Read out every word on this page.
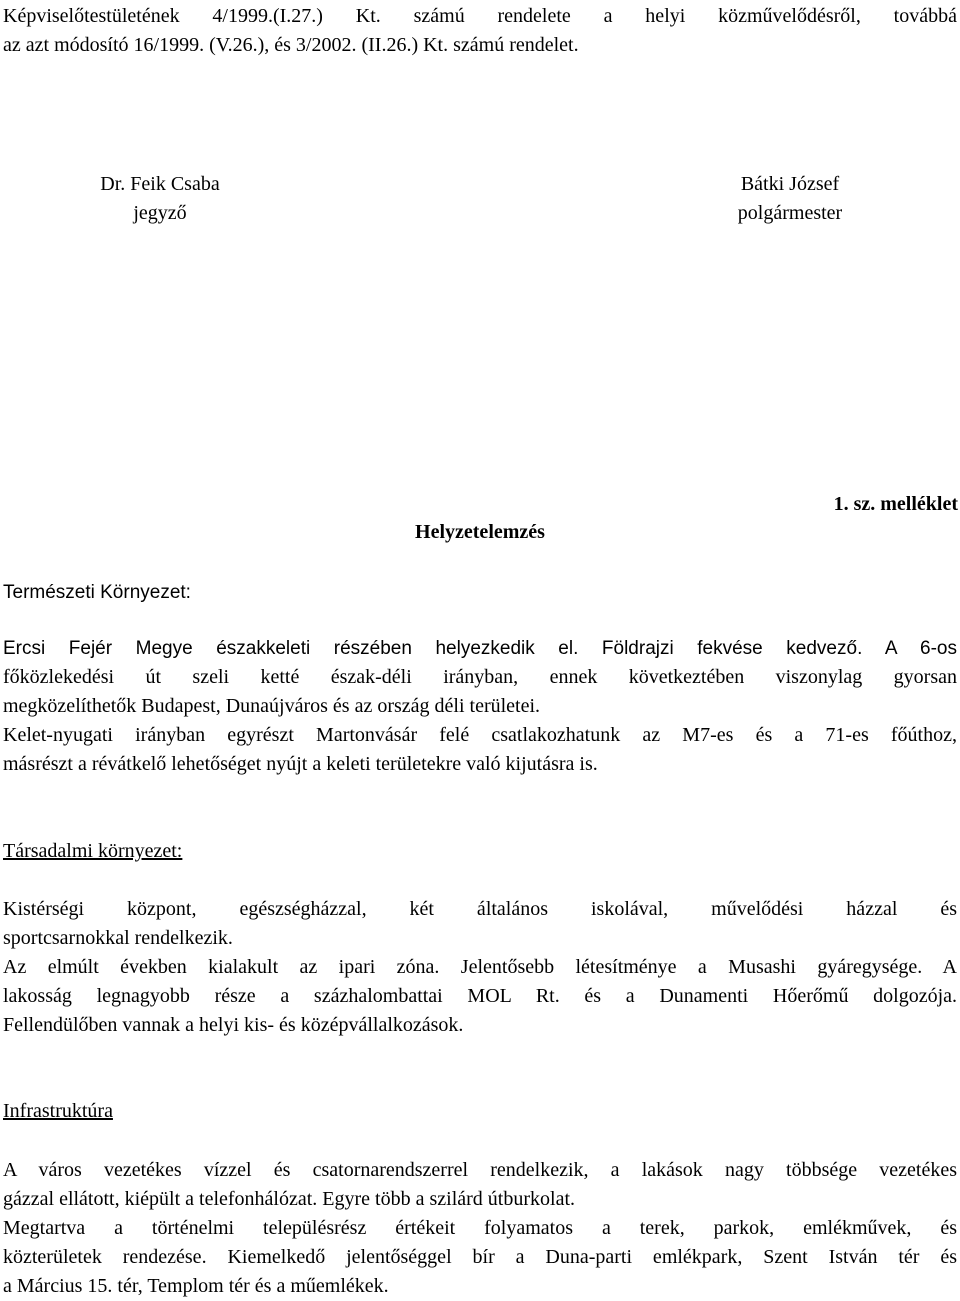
Képviselőtestületének 4/1999.(I.27.) Kt. számú rendelete a helyi közművelődésről, továbbá
az azt módosító 16/1999. (V.26.), és 3/2002. (II.26.) Kt. számú rendelet.
Dr. Feik Csaba
jegyző
Bátki József
polgármester
1. sz. melléklet
Helyzetelemzés
Természeti Környezet:
Ercsi Fejér Megye északkeleti részében helyezkedik el. Földrajzi fekvése kedvező. A 6-os
főközlekedési út szeli ketté észak-déli irányban, ennek következtében viszonylag gyorsan
megközelíthetők Budapest, Dunaújváros és az ország déli területei.
Kelet-nyugati irányban egyrészt Martonvásár felé csatlakozhatunk az M7-es és a 71-es főúthoz,
másrészt a révátkelő lehetőséget nyújt a keleti területekre való kijutásra is.
Társadalmi környezet:
Kistérségi központ, egészségházzal, két általános iskolával, művelődési házzal és
sportcsarnokkal rendelkezik.
Az elmúlt években kialakult az ipari zóna. Jelentősebb létesítménye a Musashi gyáregysége. A
lakosság legnagyobb része a százhalombattai MOL Rt. és a Dunamenti Hőerőmű dolgozója.
Fellendülőben vannak a helyi kis- és középvállalkozások.
Infrastruktúra
A város vezetékes vízzel és csatornarendszerrel rendelkezik, a lakások nagy többsége vezetékes
gázzal ellátott, kiépült a telefonhálózat. Egyre több a szilárd útburkolat.
Megtartva a történelmi településrész értékeit folyamatos a terek, parkok, emlékművek, és
közterületek rendezése. Kiemelkedő jelentőséggel bír a Duna-parti emlékpark, Szent István tér és
a Március 15. tér, Templom tér és a műemlékek.
